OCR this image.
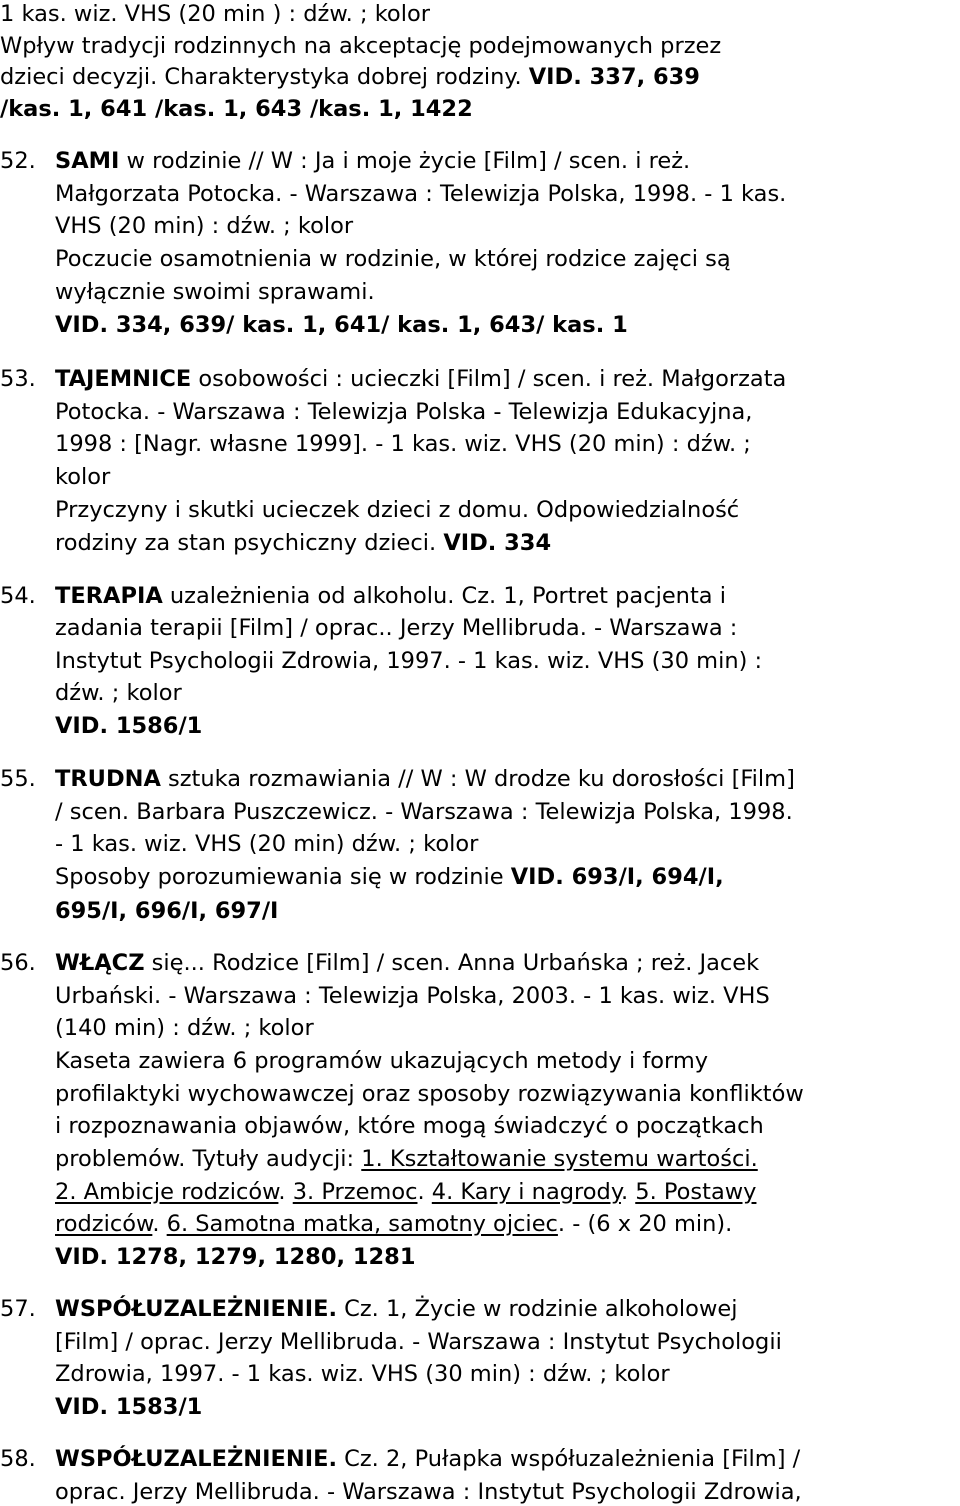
1 kas. wiz. VHS (20 min ) : dźw. ; kolor
Wpływ tradycji rodzinnych na akceptację podejmowanych przez
dzieci decyzji. Charakterystyka dobrej rodziny. VID. 337, 639
/kas. 1, 641 /kas. 1, 643 /kas. 1, 1422
52. SAMI w rodzinie // W : Ja i moje życie [Film] / scen. i reż.
Małgorzata Potocka. - Warszawa : Telewizja Polska, 1998. - 1 kas.
VHS (20 min) : dźw. ; kolor
Poczucie osamotnienia w rodzinie, w której rodzice zajęci są
wyłącznie swoimi sprawami.
VID. 334, 639/ kas. 1, 641/ kas. 1, 643/ kas. 1
53. TAJEMNICE osobowości : ucieczki [Film] / scen. i reż. Małgorzata
Potocka. - Warszawa : Telewizja Polska - Telewizja Edukacyjna,
1998 : [Nagr. własne 1999]. - 1 kas. wiz. VHS (20 min) : dźw. ;
kolor
Przyczyny i skutki ucieczek dzieci z domu. Odpowiedzialność
rodziny za stan psychiczny dzieci. VID. 334
54. TERAPIA uzależnienia od alkoholu. Cz. 1, Portret pacjenta i
zadania terapii [Film] / oprac.. Jerzy Mellibruda. - Warszawa :
Instytut Psychologii Zdrowia, 1997. - 1 kas. wiz. VHS (30 min) :
dźw. ; kolor
VID. 1586/1
55. TRUDNA sztuka rozmawiania // W : W drodze ku dorosłości [Film]
/ scen. Barbara Puszczewicz. - Warszawa : Telewizja Polska, 1998.
- 1 kas. wiz. VHS (20 min) dźw. ; kolor
Sposoby porozumiewania się w rodzinie VID. 693/I, 694/I,
695/I, 696/I, 697/I
56. WŁĄCZ się... Rodzice [Film] / scen. Anna Urbańska ; reż. Jacek
Urbański. - Warszawa : Telewizja Polska, 2003. - 1 kas. wiz. VHS
(140 min) : dźw. ; kolor
Kaseta zawiera 6 programów ukazujących metody i formy
profilaktyki wychowawczej oraz sposoby rozwiązywania konfliktów
i rozpoznawania objawów, które mogą świadczyć o początkach
problemów. Tytuły audycji: 1. Kształtowanie systemu wartości.
2. Ambicje rodziców. 3. Przemoc. 4. Kary i nagrody. 5. Postawy
rodziców. 6. Samotna matka, samotny ojciec. - (6 x 20 min).
VID. 1278, 1279, 1280, 1281
57. WSPÓŁUZALEŻNIENIE. Cz. 1, Życie w rodzinie alkoholowej
[Film] / oprac. Jerzy Mellibruda. - Warszawa : Instytut Psychologii
Zdrowia, 1997. - 1 kas. wiz. VHS (30 min) : dźw. ; kolor
VID. 1583/1
58. WSPÓŁUZALEŻNIENIE. Cz. 2, Pułapka współuzależnienia [Film] /
oprac. Jerzy Mellibruda. - Warszawa : Instytut Psychologii Zdrowia,
